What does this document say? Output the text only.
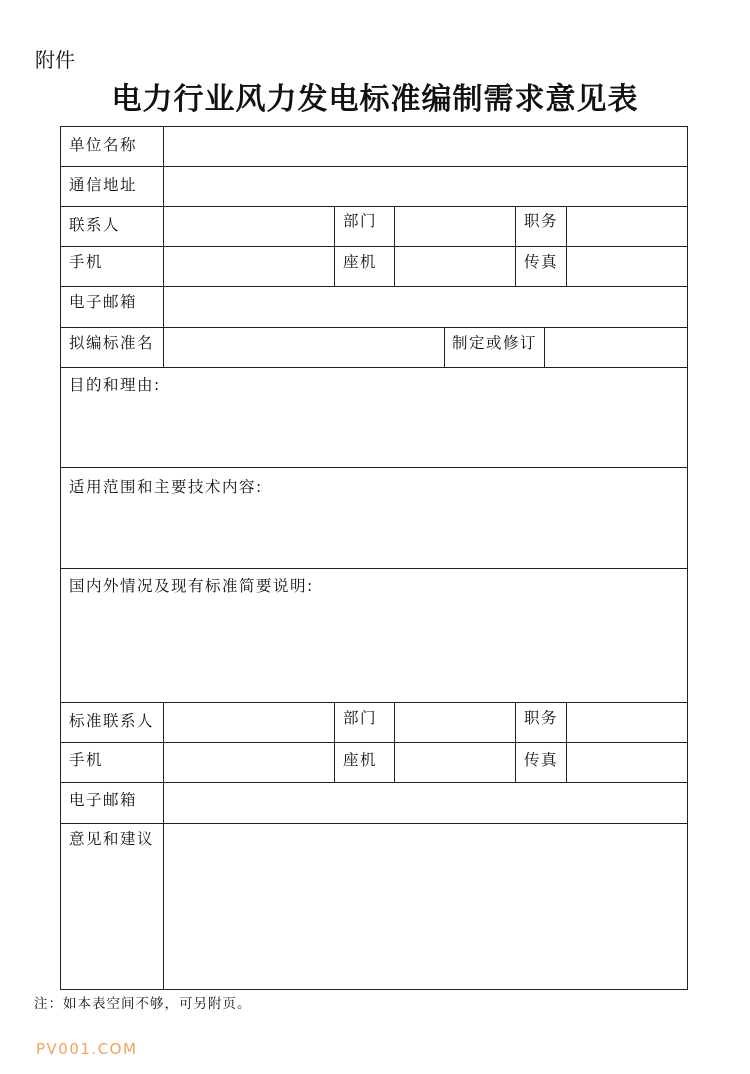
附件
电力行业风力发电标准编制需求意见表
单位名称
通信地址
联系人	部门	职务
手机	座机	传真
电子邮箱
拟编标准名	制定或修订
目的和理由:
适用范围和主要技术内容:
国内外情况及现有标准简要说明:
标准联系人	部门	职务
手机	座机	传真
电子邮箱
意见和建议
注：如本表空间不够，可另附页。
PV001.COM
